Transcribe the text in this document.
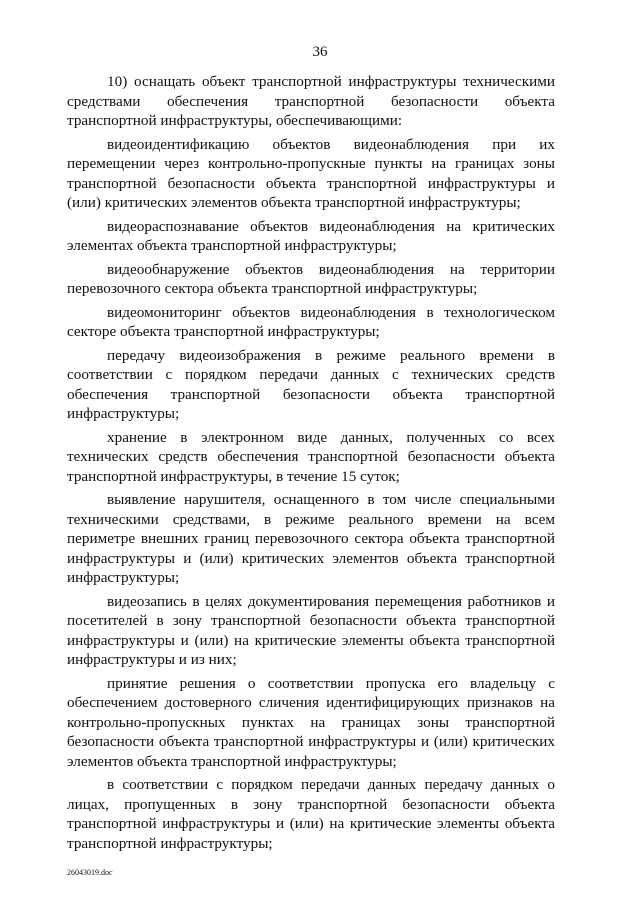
36

10) оснащать объект транспортной инфраструктуры техническими средствами обеспечения транспортной безопасности объекта транспортной инфраструктуры, обеспечивающими:

видеоидентификацию объектов видеонаблюдения при их перемещении через контрольно-пропускные пункты на границах зоны транспортной безопасности объекта транспортной инфраструктуры и (или) критических элементов объекта транспортной инфраструктуры;

видеораспознавание объектов видеонаблюдения на критических элементах объекта транспортной инфраструктуры;

видеообнаружение объектов видеонаблюдения на территории перевозочного сектора объекта транспортной инфраструктуры;

видеомониторинг объектов видеонаблюдения в технологическом секторе объекта транспортной инфраструктуры;

передачу видеоизображения в режиме реального времени в соответствии с порядком передачи данных с технических средств обеспечения транспортной безопасности объекта транспортной инфраструктуры;

хранение в электронном виде данных, полученных со всех технических средств обеспечения транспортной безопасности объекта транспортной инфраструктуры, в течение 15 суток;

выявление нарушителя, оснащенного в том числе специальными техническими средствами, в режиме реального времени на всем периметре внешних границ перевозочного сектора объекта транспортной инфраструктуры и (или) критических элементов объекта транспортной инфраструктуры;

видеозапись в целях документирования перемещения работников и посетителей в зону транспортной безопасности объекта транспортной инфраструктуры и (или) на критические элементы объекта транспортной инфраструктуры и из них;

принятие решения о соответствии пропуска его владельцу с обеспечением достоверного сличения идентифицирующих признаков на контрольно-пропускных пунктах на границах зоны транспортной безопасности объекта транспортной инфраструктуры и (или) критических элементов объекта транспортной инфраструктуры;

в соответствии с порядком передачи данных передачу данных о лицах, пропущенных в зону транспортной безопасности объекта транспортной инфраструктуры и (или) на критические элементы объекта транспортной инфраструктуры;

26043019.doc
